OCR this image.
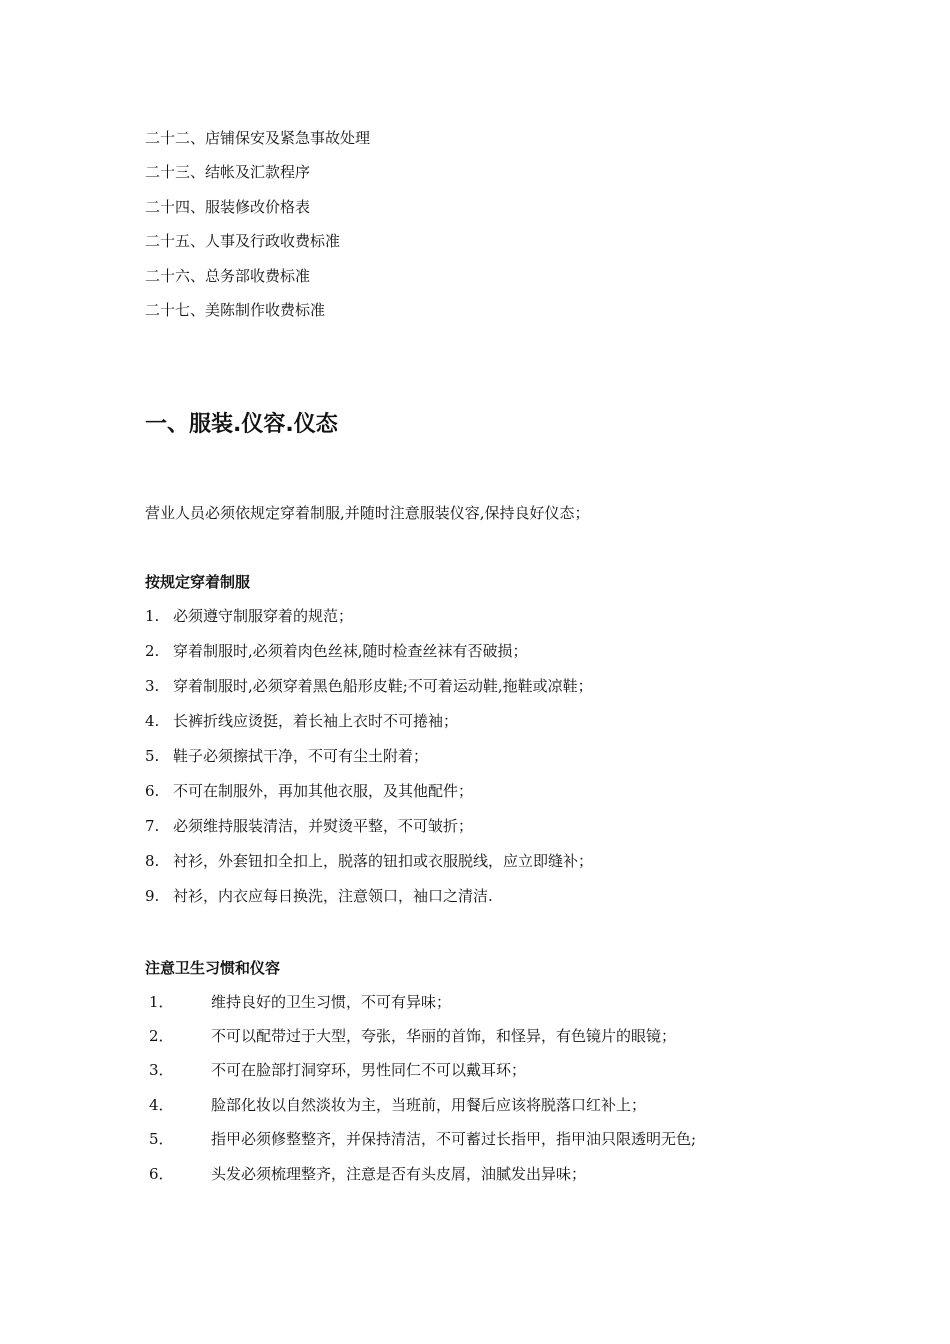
二十二、店铺保安及紧急事故处理
二十三、结帐及汇款程序
二十四、服装修改价格表
二十五、人事及行政收费标准
二十六、总务部收费标准
二十七、美陈制作收费标准
一、服装.仪容.仪态
营业人员必须依规定穿着制服,并随时注意服装仪容,保持良好仪态；
按规定穿着制服
1. 必须遵守制服穿着的规范；
2. 穿着制服时,必须着肉色丝袜,随时检查丝袜有否破损；
3. 穿着制服时,必须穿着黑色船形皮鞋;不可着运动鞋,拖鞋或凉鞋；
4. 长裤折线应烫挺，着长袖上衣时不可捲袖；
5. 鞋子必须擦拭干净，不可有尘土附着；
6. 不可在制服外，再加其他衣服，及其他配件；
7. 必须维持服装清洁，并熨烫平整，不可皱折；
8. 衬衫，外套钮扣全扣上，脱落的钮扣或衣服脱线，应立即缝补；
9. 衬衫，内衣应每日换洗，注意领口，袖口之清洁.
注意卫生习惯和仪容
1． 维持良好的卫生习惯，不可有异味；
2． 不可以配带过于大型，夸张，华丽的首饰，和怪异，有色镜片的眼镜；
3． 不可在脸部打洞穿环，男性同仁不可以戴耳环；
4． 脸部化妆以自然淡妆为主，当班前，用餐后应该将脱落口红补上；
5． 指甲必须修整整齐，并保持清洁，不可蓄过长指甲，指甲油只限透明无色;
6． 头发必须梳理整齐，注意是否有头皮屑，油腻发出异味；
